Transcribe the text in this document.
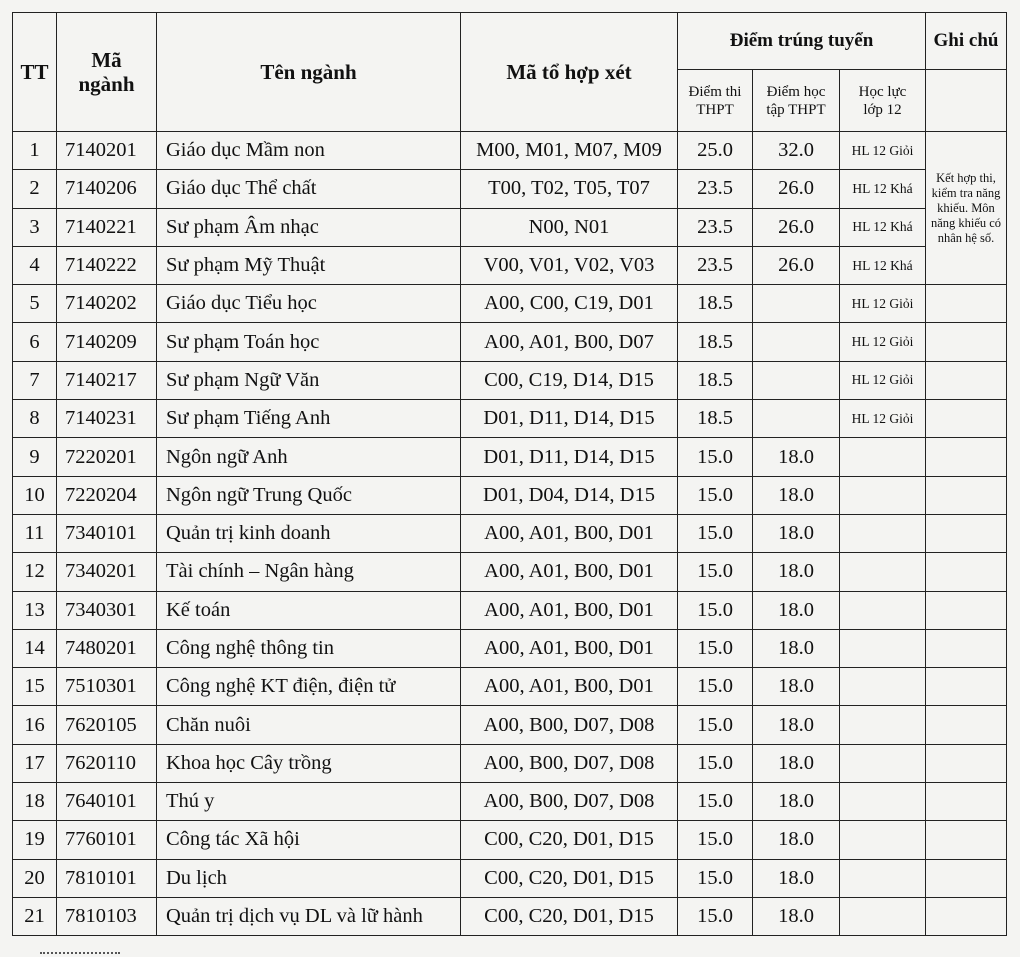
TT	Mã ngành	Tên ngành	Mã tổ hợp xét	Điểm trúng tuyển			Ghi chú
				Điểm thi THPT	Điểm học tập THPT	Học lực lớp 12	
1	7140201	Giáo dục Mầm non	M00, M01, M07, M09	25.0	32.0	HL 12 Giỏi	Kết hợp thi, kiểm tra năng khiếu. Môn năng khiếu có nhân hệ số.
2	7140206	Giáo dục Thể chất	T00, T02, T05, T07	23.5	26.0	HL 12 Khá	
3	7140221	Sư phạm Âm nhạc	N00, N01	23.5	26.0	HL 12 Khá	
4	7140222	Sư phạm Mỹ Thuật	V00, V01, V02, V03	23.5	26.0	HL 12 Khá	
5	7140202	Giáo dục Tiểu học	A00, C00, C19, D01	18.5		HL 12 Giỏi	
6	7140209	Sư phạm Toán học	A00, A01, B00, D07	18.5		HL 12 Giỏi	
7	7140217	Sư phạm Ngữ Văn	C00, C19, D14, D15	18.5		HL 12 Giỏi	
8	7140231	Sư phạm Tiếng Anh	D01, D11, D14, D15	18.5		HL 12 Giỏi	
9	7220201	Ngôn ngữ Anh	D01, D11, D14, D15	15.0	18.0		
10	7220204	Ngôn ngữ Trung Quốc	D01, D04, D14, D15	15.0	18.0		
11	7340101	Quản trị kinh doanh	A00, A01, B00, D01	15.0	18.0		
12	7340201	Tài chính – Ngân hàng	A00, A01, B00, D01	15.0	18.0		
13	7340301	Kế toán	A00, A01, B00, D01	15.0	18.0		
14	7480201	Công nghệ thông tin	A00, A01, B00, D01	15.0	18.0		
15	7510301	Công nghệ KT điện, điện tử	A00, A01, B00, D01	15.0	18.0		
16	7620105	Chăn nuôi	A00, B00, D07, D08	15.0	18.0		
17	7620110	Khoa học Cây trồng	A00, B00, D07, D08	15.0	18.0		
18	7640101	Thú y	A00, B00, D07, D08	15.0	18.0		
19	7760101	Công tác Xã hội	C00, C20, D01, D15	15.0	18.0		
20	7810101	Du lịch	C00, C20, D01, D15	15.0	18.0		
21	7810103	Quản trị dịch vụ DL và lữ hành	C00, C20, D01, D15	15.0	18.0		
